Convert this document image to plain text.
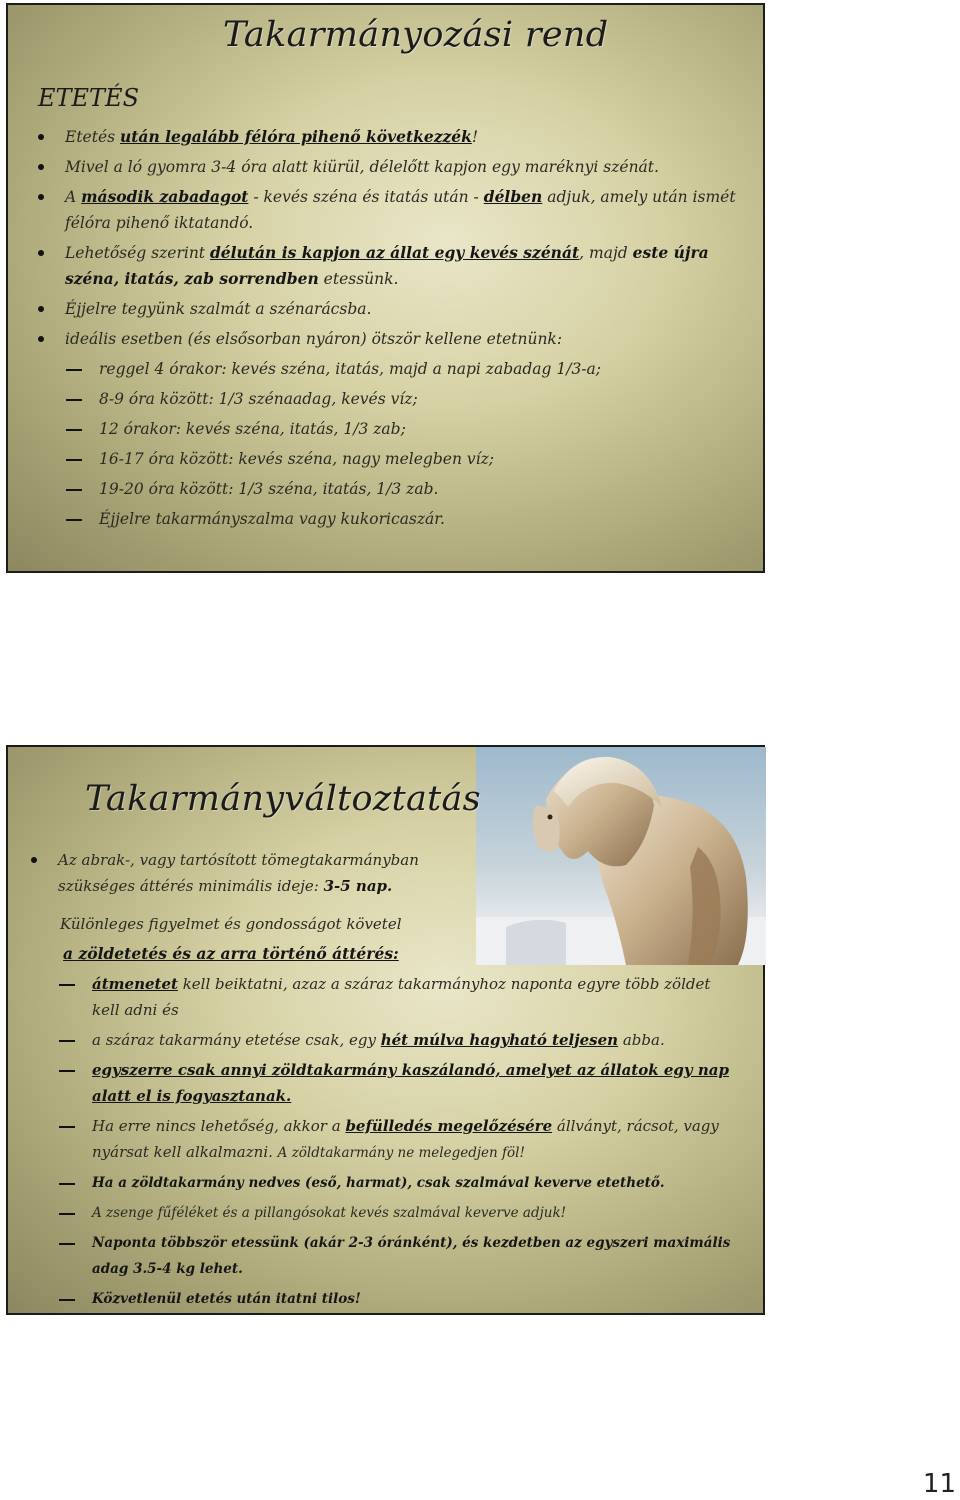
Takarmányozási rend
ETETÉS
Etetés után legalább félóra pihenő következzék!
Mivel a ló gyomra 3-4 óra alatt kiürül, délelőtt kapjon egy maréknyi szénát.
A második zabadagot - kevés széna és itatás után - délben adjuk, amely után ismét félóra pihenő iktatandó.
Lehetőség szerint délután is kapjon az állat egy kevés szénát, majd este újra széna, itatás, zab sorrendben etessünk.
Éjjelre tegyünk szalmát a szénarácsba.
ideális esetben (és elsősorban nyáron) ötször kellene etetnünk:
reggel 4 órakor: kevés széna, itatás, majd a napi zabadag 1/3-a;
8-9 óra között: 1/3 szénaadag, kevés víz;
12 órakor: kevés széna, itatás, 1/3 zab;
16-17 óra között: kevés széna, nagy melegben víz;
19-20 óra között: 1/3 széna, itatás, 1/3 zab.
Éjjelre takarmányszalma vagy kukoricaszár.
Takarmányváltoztatás
Az abrak-, vagy tartósított tömegtakarmányban
szükséges áttérés minimális ideje: 3-5 nap.
Különleges figyelmet és gondosságot követel
a zöldetetés és az arra történő áttérés:
átmenetet kell beiktatni, azaz a száraz takarmányhoz naponta egyre több zöldet kell adni és
a száraz takarmány etetése csak, egy hét múlva hagyható teljesen abba.
egyszerre csak annyi zöldtakarmány kaszálandó, amelyet az állatok egy nap alatt el is fogyasztanak.
Ha erre nincs lehetőség, akkor a befülledés megelőzésére állványt, rácsot, vagy nyársat kell alkalmazni. A zöldtakarmány ne melegedjen föl!
Ha a zöldtakarmány nedves (eső, harmat), csak szalmával keverve etethető.
A zsenge fűféléket és a pillangósokat kevés szalmával keverve adjuk!
Naponta többször etessünk (akár 2-3 óránként), és kezdetben az egyszeri maximális adag 3.5-4 kg lehet.
Közvetlenül etetés után itatni tilos!
11
